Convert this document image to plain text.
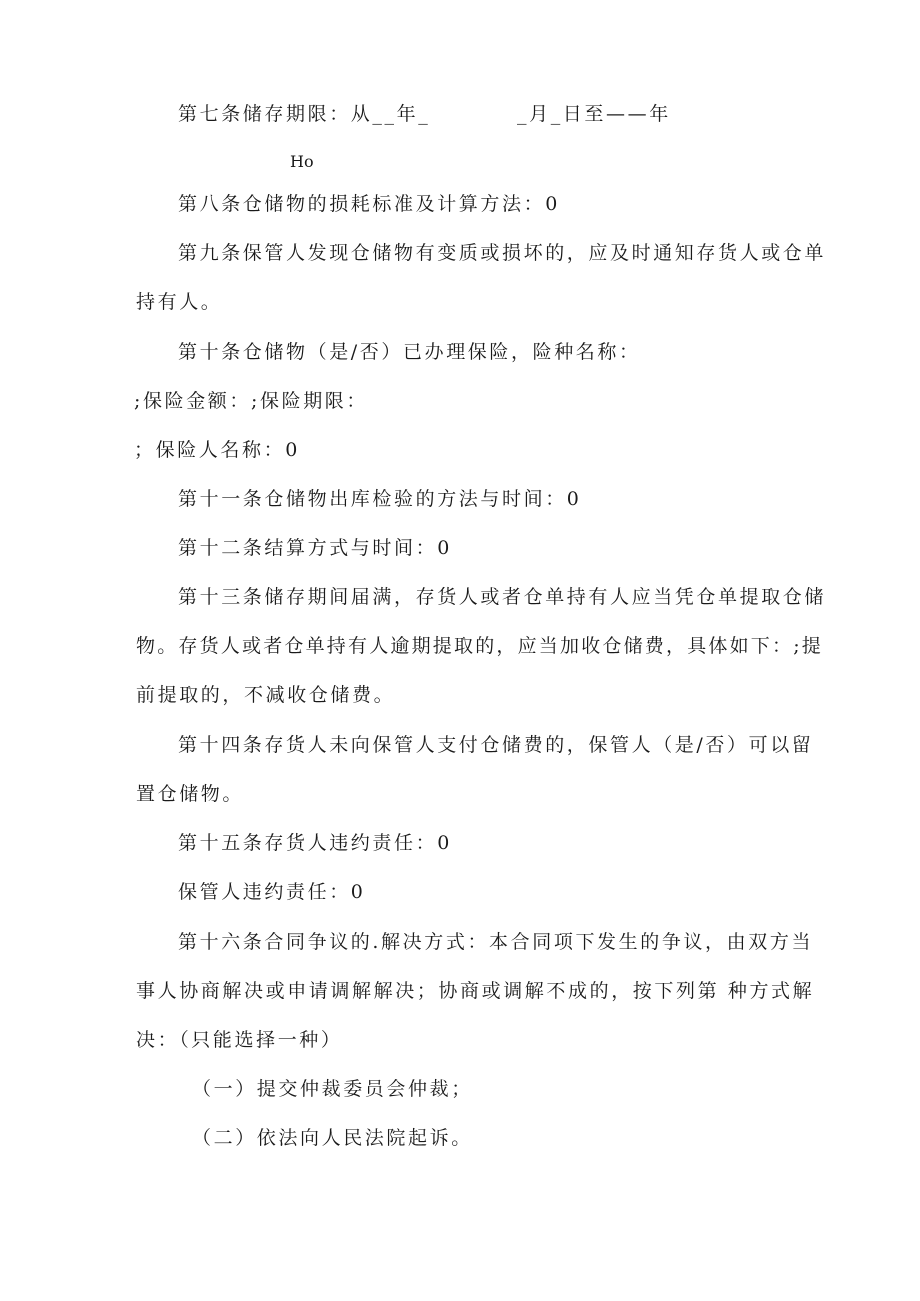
第七条储存期限：从__年_	_月_日至——年
Ho
第八条仓储物的损耗标准及计算方法：0
第九条保管人发现仓储物有变质或损坏的，应及时通知存货人或仓单
持有人。
第十条仓储物（是/否）已办理保险，险种名称：
;保险金额：;保险期限：
；保险人名称：0
第十一条仓储物出库检验的方法与时间：0
第十二条结算方式与时间：0
第十三条储存期间届满，存货人或者仓单持有人应当凭仓单提取仓储
物。存货人或者仓单持有人逾期提取的，应当加收仓储费，具体如下：;提
前提取的，不减收仓储费。
第十四条存货人未向保管人支付仓储费的，保管人（是/否）可以留
置仓储物。
第十五条存货人违约责任：0
保管人违约责任：0
第十六条合同争议的.解决方式：本合同项下发生的争议，由双方当
事人协商解决或申请调解解决；协商或调解不成的，按下列第 种方式解
决：（只能选择一种）
（一）提交仲裁委员会仲裁；
（二）依法向人民法院起诉。
